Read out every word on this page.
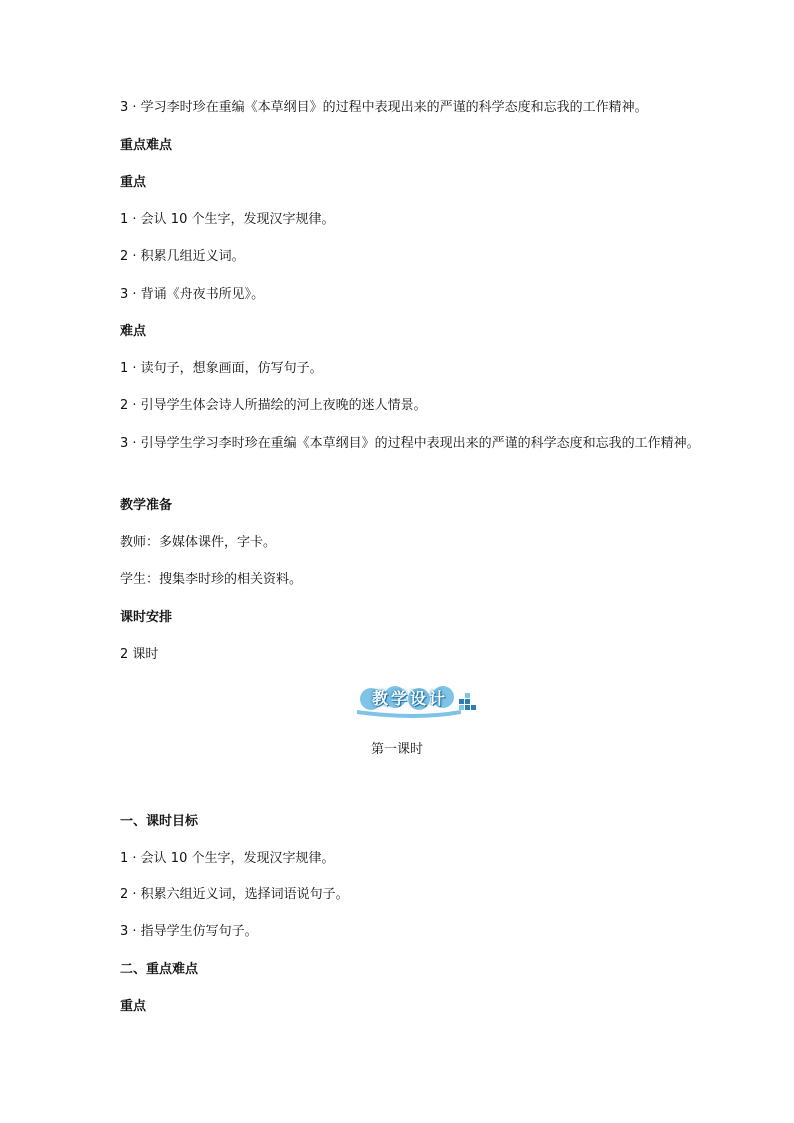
3 · 学习李时珍在重编《本草纲目》的过程中表现出来的严谨的科学态度和忘我的工作精神。
重点难点
重点
1 · 会认 10 个生字，发现汉字规律。
2 · 积累几组近义词。
3 · 背诵《舟夜书所见》。
难点
1 · 读句子，想象画面，仿写句子。
2 · 引导学生体会诗人所描绘的河上夜晚的迷人情景。
3 · 引导学生学习李时珍在重编《本草纲目》的过程中表现出来的严谨的科学态度和忘我的工作精神。
教学准备
教师：多媒体课件，字卡。
学生：搜集李时珍的相关资料。
课时安排
2 课时
教学设计
第一课时
一、课时目标
1 · 会认 10 个生字，发现汉字规律。
2 · 积累六组近义词，选择词语说句子。
3 · 指导学生仿写句子。
二、重点难点
重点
